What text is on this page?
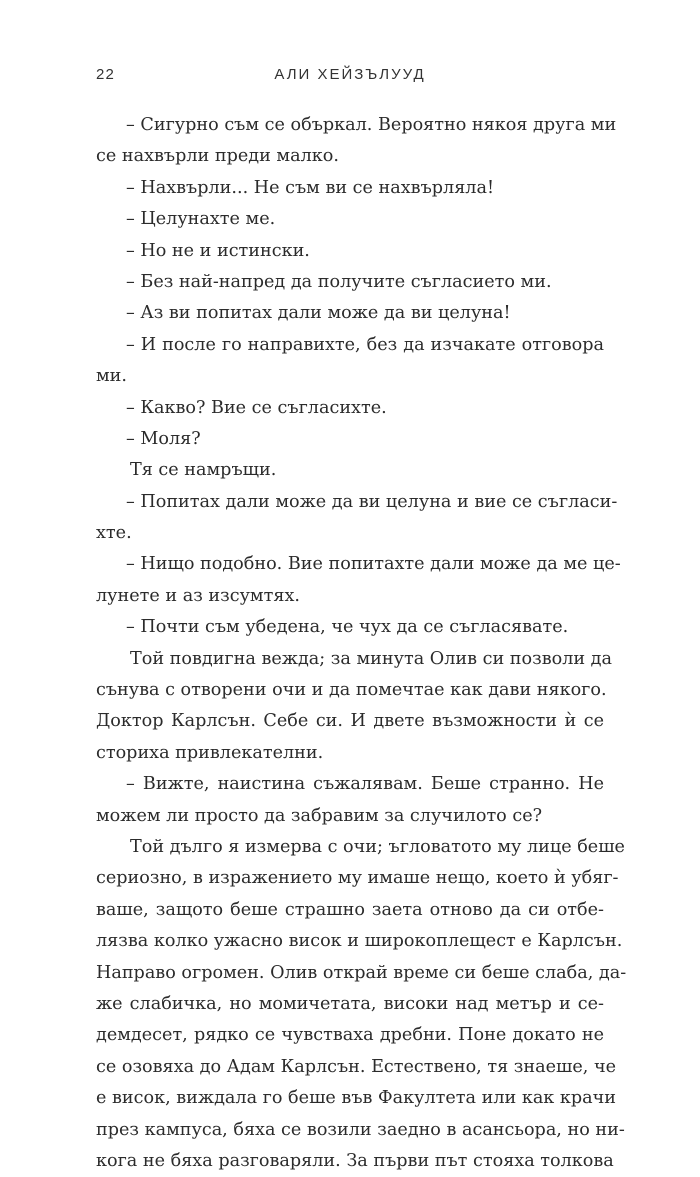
22	АЛИ ХЕЙЗЪЛУУД
– Сигурно съм се объркал. Вероятно някоя друга ми
се нахвърли преди малко.
– Нахвърли... Не съм ви се нахвърляла!
– Целунахте ме.
– Но не и истински.
– Без най-напред да получите съгласието ми.
– Аз ви попитах дали може да ви целуна!
– И после го направихте, без да изчакате отговора
ми.
– Какво? Вие се съгласихте.
– Моля?
Тя се намръщи.
– Попитах дали може да ви целуна и вие се съгласи-
хте.
– Нищо подобно. Вие попитахте дали може да ме це-
лунете и аз изсумтях.
– Почти съм убедена, че чух да се съгласявате.
Той повдигна вежда; за минута Олив си позволи да
сънува с отворени очи и да помечтае как дави някого.
Доктор Карлсън. Себе си. И двете възможности ѝ се
сториха привлекателни.
– Вижте, наистина съжалявам. Беше странно. Не
можем ли просто да забравим за случилото се?
Той дълго я измерва с очи; ъгловатото му лице беше
сериозно, в изражението му имаше нещо, което ѝ убяг-
ваше, защото беше страшно заета отново да си отбе-
лязва колко ужасно висок и широкоплещест е Карлсън.
Направо огромен. Олив открай време си беше слаба, да-
же слабичка, но момичетата, високи над метър и се-
демдесет, рядко се чувстваха дребни. Поне докато не
се озовяха до Адам Карлсън. Естествено, тя знаеше, че
е висок, виждала го беше във Факултета или как крачи
през кампуса, бяха се возили заедно в асансьора, но ни-
кога не бяха разговаряли. За първи път стояха толкова
